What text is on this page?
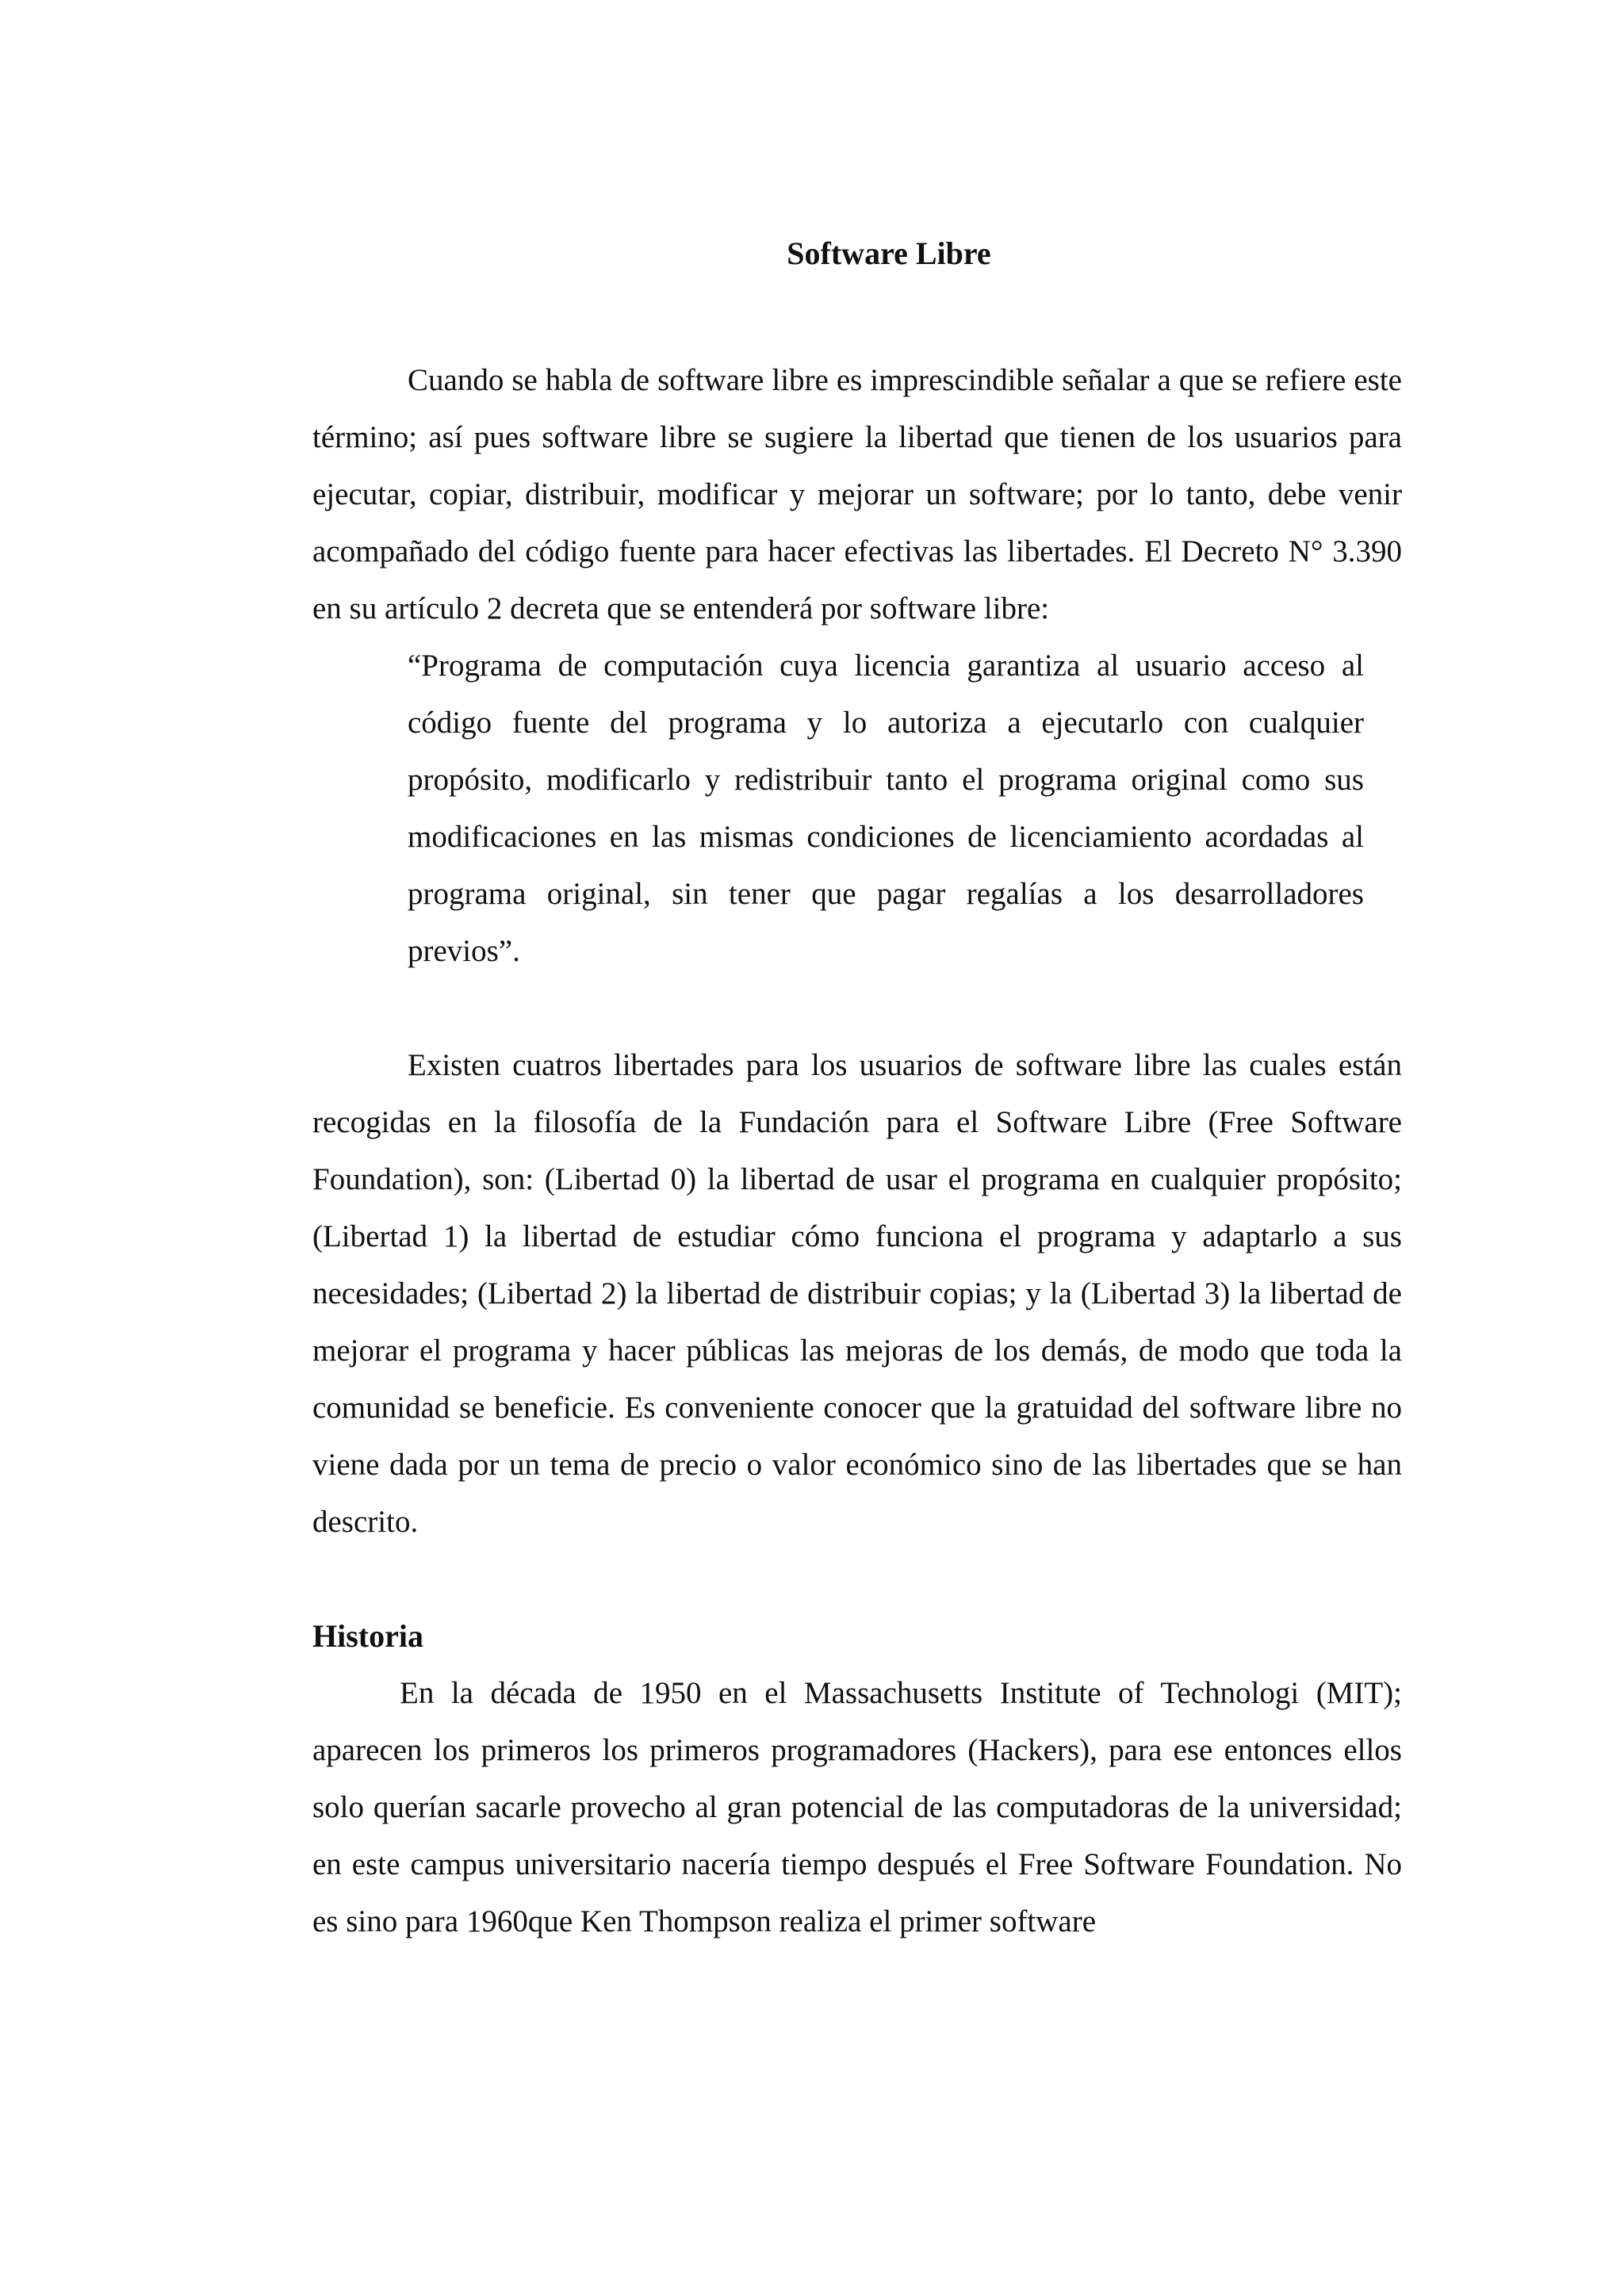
Software Libre

Cuando se habla de software libre es imprescindible señalar a que se refiere este término; así pues software libre se sugiere la libertad que tienen de los usuarios para ejecutar, copiar, distribuir, modificar y mejorar un software; por lo tanto, debe venir acompañado del código fuente para hacer efectivas las libertades. El Decreto N° 3.390 en su artículo 2 decreta que se entenderá por software libre:

“Programa de computación cuya licencia garantiza al usuario acceso al código fuente del programa y lo autoriza a ejecutarlo con cualquier propósito, modificarlo y redistribuir tanto el programa original como sus modificaciones en las mismas condiciones de licenciamiento acordadas al programa original, sin tener que pagar regalías a los desarrolladores previos”.

Existen cuatros libertades para los usuarios de software libre las cuales están recogidas en la filosofía de la Fundación para el Software Libre (Free Software Foundation), son: (Libertad 0) la libertad de usar el programa en cualquier propósito; (Libertad 1) la libertad de estudiar cómo funciona el programa y adaptarlo a sus necesidades; (Libertad 2) la libertad de distribuir copias; y la (Libertad 3) la libertad de mejorar el programa y hacer públicas las mejoras de los demás, de modo que toda la comunidad se beneficie. Es conveniente conocer que la gratuidad del software libre no viene dada por un tema de precio o valor económico sino de las libertades que se han descrito.

Historia

En la década de 1950 en el Massachusetts Institute of Technologi (MIT); aparecen los primeros los primeros programadores (Hackers), para ese entonces ellos solo querían sacarle provecho al gran potencial de las computadoras de la universidad; en este campus universitario nacería tiempo después el Free Software Foundation. No es sino para 1960que Ken Thompson realiza el primer software
